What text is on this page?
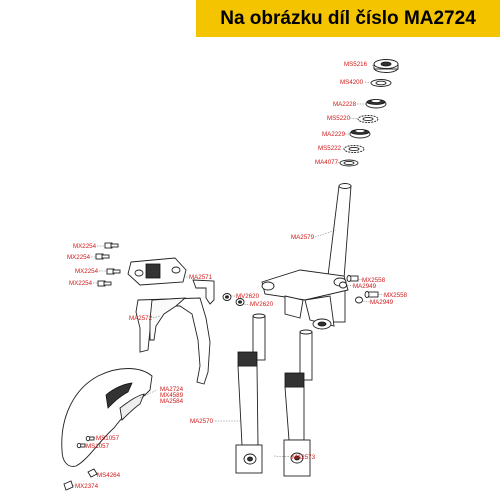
Na obrázku díl číslo MA2724
MS5216
MS4200
MA2228
MS5220
MA2229
MS5222
MA4077
MA2579
MX2254
MX2254
MX2254
MX2254
MA2571
MA2572
MV2620
MV2620
MX2558
MA2949
MX2558
MA2949
MA2724
MX4589
MA2584
MA2570
MA2573
MS1057
MS1057
MS4264
MX2374
